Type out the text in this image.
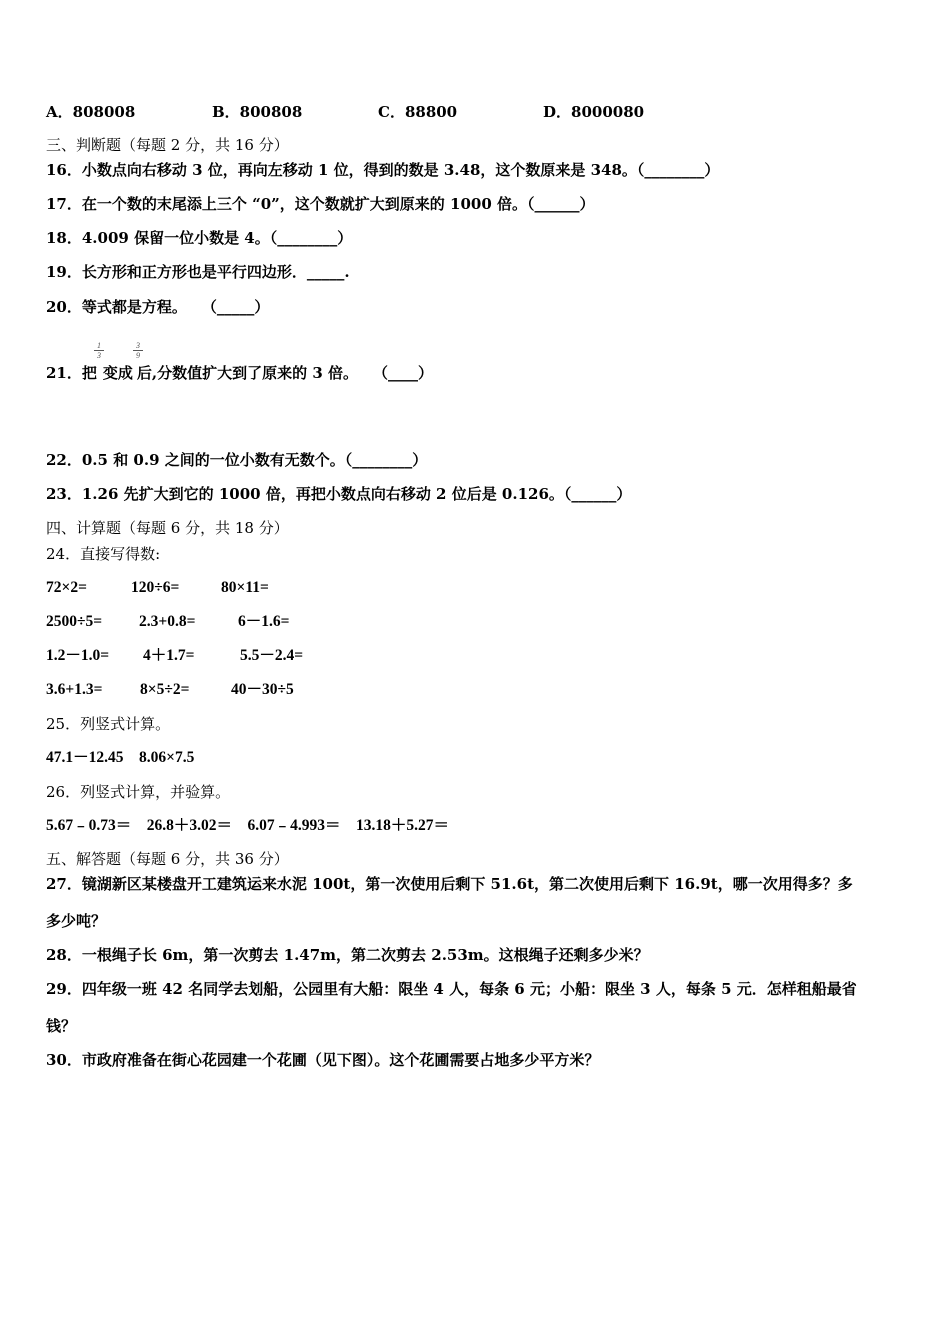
A．808008	B．800808	C．88800	D．8000080
三、判断题（每题 2 分，共 16 分）
16．小数点向右移动 3 位，再向左移动 1 位，得到的数是 3.48，这个数原来是 348。（________）
17．在一个数的末尾添上三个 “0”，这个数就扩大到原来的 1000 倍。（______）
18．4.009 保留一位小数是 4。（________）
19．长方形和正方形也是平行四边形．_____.
20．等式都是方程。　　（_____）
21．把 变成 后,分数值扩大到了原来的 3 倍。　　（____）
$\frac{1}{3}$	$\frac{3}{9}$
22．0.5 和 0.9 之间的一位小数有无数个。（________）
23．1.26 先扩大到它的 1000 倍，再把小数点向右移动 2 位后是 0.126。（______）
四、计算题（每题 6 分，共 18 分）
24．直接写得数:
72×2=	120÷6=	80×11=
2500÷5= 2.3+0.8=	6－1.6=
1.2－1.0= 4＋1.7=	5.5－2.4=
3.6+1.3= 8×5÷2=	40－30÷5
25．列竖式计算。
47.1－12.45　8.06×7.5
26．列竖式计算，并验算。
5.67﹣0.73＝　26.8＋3.02＝　6.07﹣4.993＝　13.18＋5.27＝
五、解答题（每题 6 分，共 36 分）
27．镜湖新区某楼盘开工建筑运来水泥 100t，第一次使用后剩下 51.6t，第二次使用后剩下 16.9t，哪一次用得多？多
多少吨？
28．一根绳子长 6m，第一次剪去 1.47m，第二次剪去 2.53m。这根绳子还剩多少米？
29．四年级一班 42 名同学去划船，公园里有大船：限坐 4 人，每条 6 元；小船：限坐 3 人，每条 5 元．怎样租船最省
钱？
30．市政府准备在街心花园建一个花圃（见下图）。这个花圃需要占地多少平方米？
